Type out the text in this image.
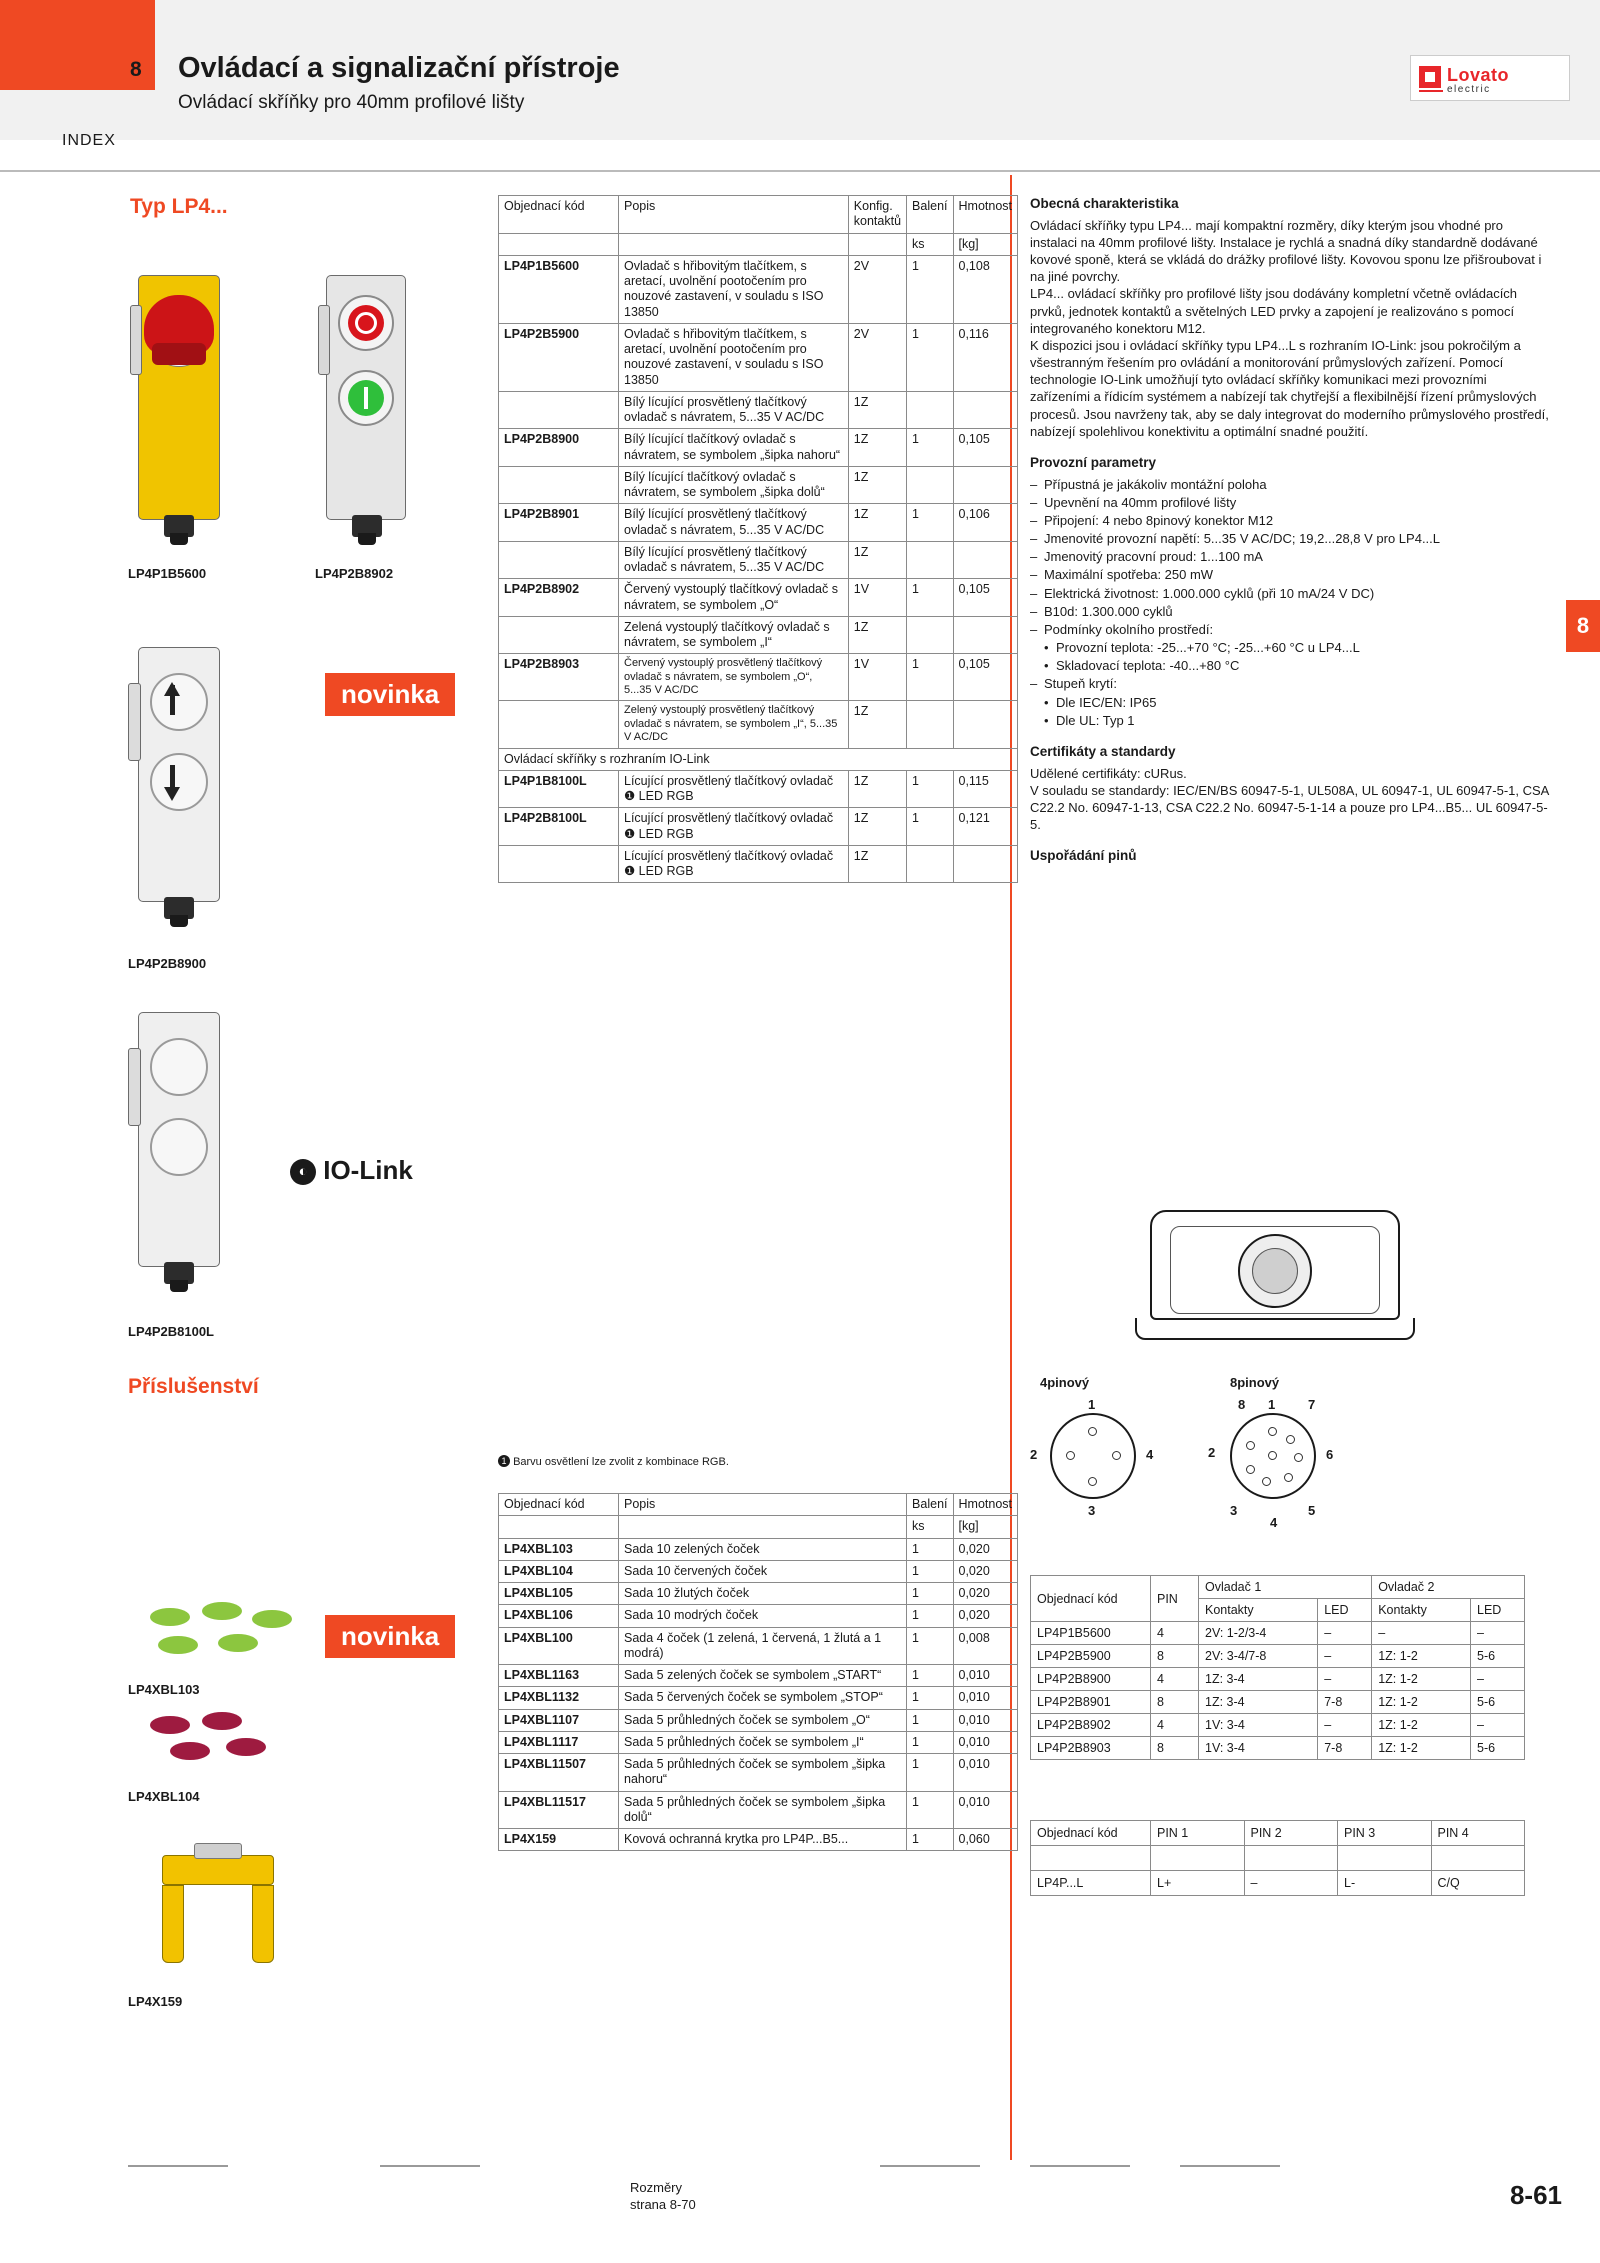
8
INDEX
Ovládací a signalizační přístroje
Ovládací skříňky pro 40mm profilové lišty
Lovato
electric
8
Typ LP4...
LP4P1B5600	LP4P2B8902
novinka
LP4P2B8900
◐ IO-Link
LP4P2B8100L
Příslušenství
novinka
LP4XBL103
LP4XBL104
LP4X159
Objednací kód	Popis	Konfig. kontaktů	Balení	Hmotnost
			ks	[kg]
LP4P1B5600	Ovladač s hřibovitým tlačítkem, s aretací, uvolnění pootočením pro nouzové zastavení, v souladu s ISO 13850	2V	1	0,108
LP4P2B5900	Ovladač s hřibovitým tlačítkem, s aretací, uvolnění pootočením pro nouzové zastavení, v souladu s ISO 13850	2V	1	0,116
	Bílý lícující prosvětlený tlačítkový ovladač s návratem, 5...35 V AC/DC	1Z		
LP4P2B8900	Bílý lícující tlačítkový ovladač s návratem, se symbolem „šipka nahoru“	1Z	1	0,105
	Bílý lícující tlačítkový ovladač s návratem, se symbolem „šipka dolů“	1Z		
LP4P2B8901	Bílý lícující prosvětlený tlačítkový ovladač s návratem, 5...35 V AC/DC	1Z	1	0,106
	Bílý lícující prosvětlený tlačítkový ovladač s návratem, 5...35 V AC/DC	1Z		
LP4P2B8902	Červený vystouplý tlačítkový ovladač s návratem, se symbolem „O“	1V	1	0,105
	Zelená vystouplý tlačítkový ovladač s návratem, se symbolem „I“	1Z		
LP4P2B8903	Červený vystouplý prosvětlený tlačítkový ovladač s návratem, se symbolem „O“, 5...35 V AC/DC	1V	1	0,105
	Zelený vystouplý prosvětlený tlačítkový ovladač s návratem, se symbolem „I“, 5...35 V AC/DC	1Z		
Ovládací skříňky s rozhraním IO-Link				
LP4P1B8100L	Lícující prosvětlený tlačítkový ovladač ❶ LED RGB	1Z	1	0,115
LP4P2B8100L	Lícující prosvětlený tlačítkový ovladač ❶ LED RGB	1Z	1	0,121
	Lícující prosvětlený tlačítkový ovladač ❶ LED RGB	1Z		
1 Barvu osvětlení lze zvolit z kombinace RGB.
Objednací kód	Popis	Balení	Hmotnost
		ks	[kg]
LP4XBL103	Sada 10 zelených čoček	1	0,020
LP4XBL104	Sada 10 červených čoček	1	0,020
LP4XBL105	Sada 10 žlutých čoček	1	0,020
LP4XBL106	Sada 10 modrých čoček	1	0,020
LP4XBL100	Sada 4 čoček (1 zelená, 1 červená, 1 žlutá a 1 modrá)	1	0,008
LP4XBL1163	Sada 5 zelených čoček se symbolem „START“	1	0,010
LP4XBL1132	Sada 5 červených čoček se symbolem „STOP“	1	0,010
LP4XBL1107	Sada 5 průhledných čoček se symbolem „O“	1	0,010
LP4XBL1117	Sada 5 průhledných čoček se symbolem „I“	1	0,010
LP4XBL11507	Sada 5 průhledných čoček se symbolem „šipka nahoru“	1	0,010
LP4XBL11517	Sada 5 průhledných čoček se symbolem „šipka dolů“	1	0,010
LP4X159	Kovová ochranná krytka pro LP4P...B5...	1	0,060
Obecná charakteristika

Ovládací skříňky typu LP4... mají kompaktní rozměry, díky kterým jsou vhodné pro instalaci na 40mm profilové lišty. Instalace je rychlá a snadná díky standardně dodávané kovové sponě, která se vkládá do drážky profilové lišty. Kovovou sponu lze přišroubovat i na jiné povrchy.

LP4... ovládací skříňky pro profilové lišty jsou dodávány kompletní včetně ovládacích prvků, jednotek kontaktů a světelných LED prvky a zapojení je realizováno s pomocí integrovaného konektoru M12.

K dispozici jsou i ovládací skříňky typu LP4...L s rozhraním IO-Link: jsou pokročilým a všestranným řešením pro ovládání a monitorování průmyslových zařízení. Pomocí technologie IO-Link umožňují tyto ovládací skříňky komunikaci mezi provozními zařízeními a řídicím systémem a nabízejí tak chytřejší a flexibilnější řízení průmyslových procesů. Jsou navrženy tak, aby se daly integrovat do moderního průmyslového prostředí, nabízejí spolehlivou konektivitu a optimální snadné použití.

Provozní parametry
– Přípustná je jakákoliv montážní poloha
– Upevnění na 40mm profilové lišty
– Připojení: 4 nebo 8pinový konektor M12
– Jmenovité provozní napětí: 5...35 V AC/DC; 19,2...28,8 V pro LP4...L
– Jmenovitý pracovní proud: 1...100 mA
– Maximální spotřeba: 250 mW
– Elektrická životnost: 1.000.000 cyklů (při 10 mA/24 V DC)
– B10d: 1.300.000 cyklů
– Podmínky okolního prostředí:
• Provozní teplota: -25...+70 °C; -25...+60 °C u LP4...L
• Skladovací teplota: -40...+80 °C
– Stupeň krytí:
• Dle IEC/EN: IP65
• Dle UL: Typ 1
Certifikáty a standardy

Udělené certifikáty: cURus.

V souladu se standardy: IEC/EN/BS 60947-5-1, UL508A, UL 60947-1, UL 60947-5-1, CSA C22.2 No. 60947-1-13, CSA C22.2 No. 60947-5-1-14 a pouze pro LP4...B5... UL 60947-5-5.

Uspořádání pinů
4pinový
1
2
3
4
8pinový
1
2
3
4
5
6
7
8
Objednací kód	PIN	Ovladač 1		Ovladač 2	
		Kontakty	LED	Kontakty	LED
LP4P1B5600	4	2V: 1-2/3-4	–	–	–
LP4P2B5900	8	2V: 3-4/7-8	–	1Z: 1-2	5-6
LP4P2B8900	4	1Z: 3-4	–	1Z: 1-2	–
LP4P2B8901	8	1Z: 3-4	7-8	1Z: 1-2	5-6
LP4P2B8902	4	1V: 3-4	–	1Z: 1-2	–
LP4P2B8903	8	1V: 3-4	7-8	1Z: 1-2	5-6
Objednací kód	PIN 1	PIN 2	PIN 3	PIN 4

LP4P...L	L+	–	L-	C/Q
Rozměry
strana 8-70	8-61
